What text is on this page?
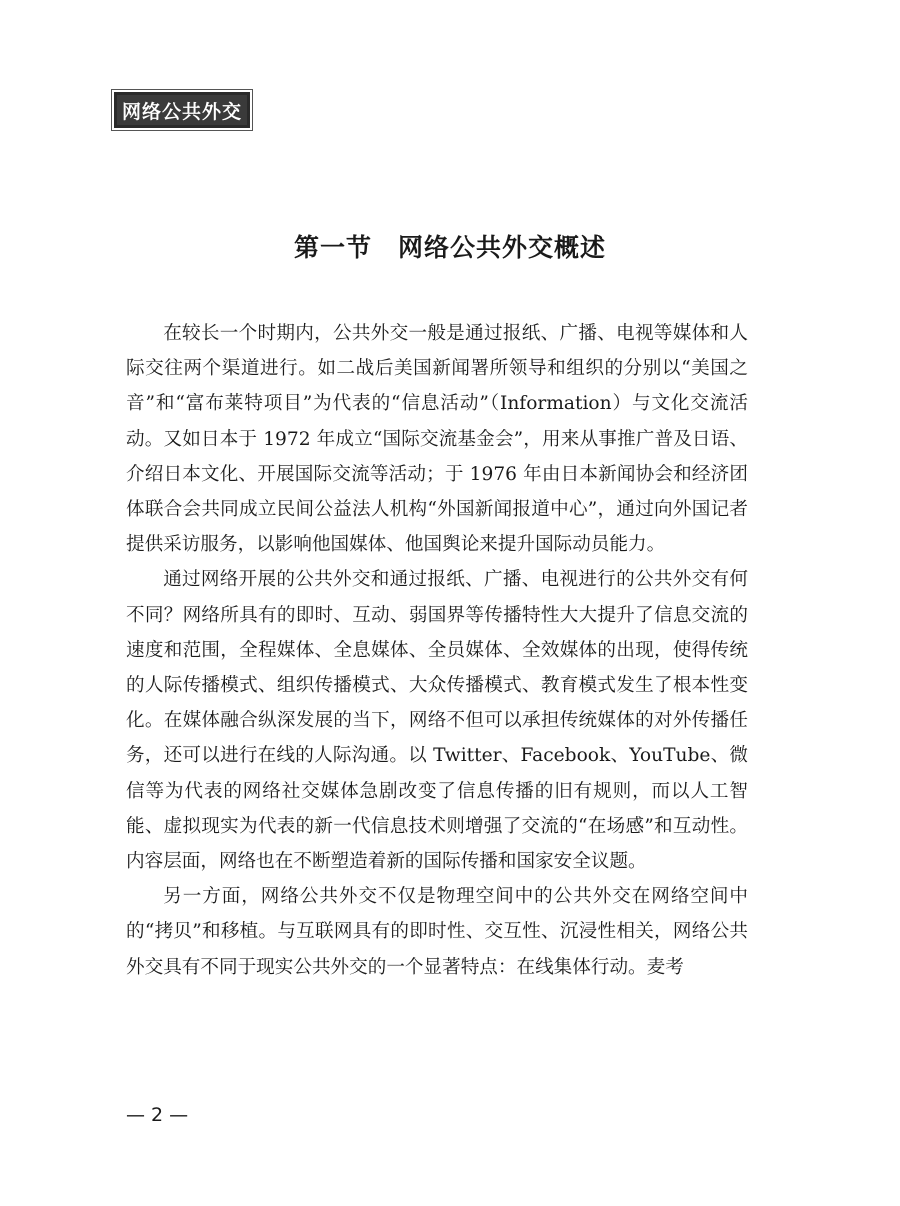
网络公共外交
第一节　网络公共外交概述

在较长一个时期内，公共外交一般是通过报纸、广播、电视等媒体和人际交往两个渠道进行。如二战后美国新闻署所领导和组织的分别以“美国之音”和“富布莱特项目”为代表的“信息活动”（Information）与文化交流活动。又如日本于 1972 年成立“国际交流基金会”，用来从事推广普及日语、介绍日本文化、开展国际交流等活动；于 1976 年由日本新闻协会和经济团体联合会共同成立民间公益法人机构“外国新闻报道中心”，通过向外国记者提供采访服务，以影响他国媒体、他国舆论来提升国际动员能力。

通过网络开展的公共外交和通过报纸、广播、电视进行的公共外交有何不同？网络所具有的即时、互动、弱国界等传播特性大大提升了信息交流的速度和范围，全程媒体、全息媒体、全员媒体、全效媒体的出现，使得传统的人际传播模式、组织传播模式、大众传播模式、教育模式发生了根本性变化。在媒体融合纵深发展的当下，网络不但可以承担传统媒体的对外传播任务，还可以进行在线的人际沟通。以 Twitter、Facebook、YouTube、微信等为代表的网络社交媒体急剧改变了信息传播的旧有规则，而以人工智能、虚拟现实为代表的新一代信息技术则增强了交流的“在场感”和互动性。内容层面，网络也在不断塑造着新的国际传播和国家安全议题。

另一方面，网络公共外交不仅是物理空间中的公共外交在网络空间中的“拷贝”和移植。与互联网具有的即时性、交互性、沉浸性相关，网络公共外交具有不同于现实公共外交的一个显著特点：在线集体行动。麦考

— 2 —
